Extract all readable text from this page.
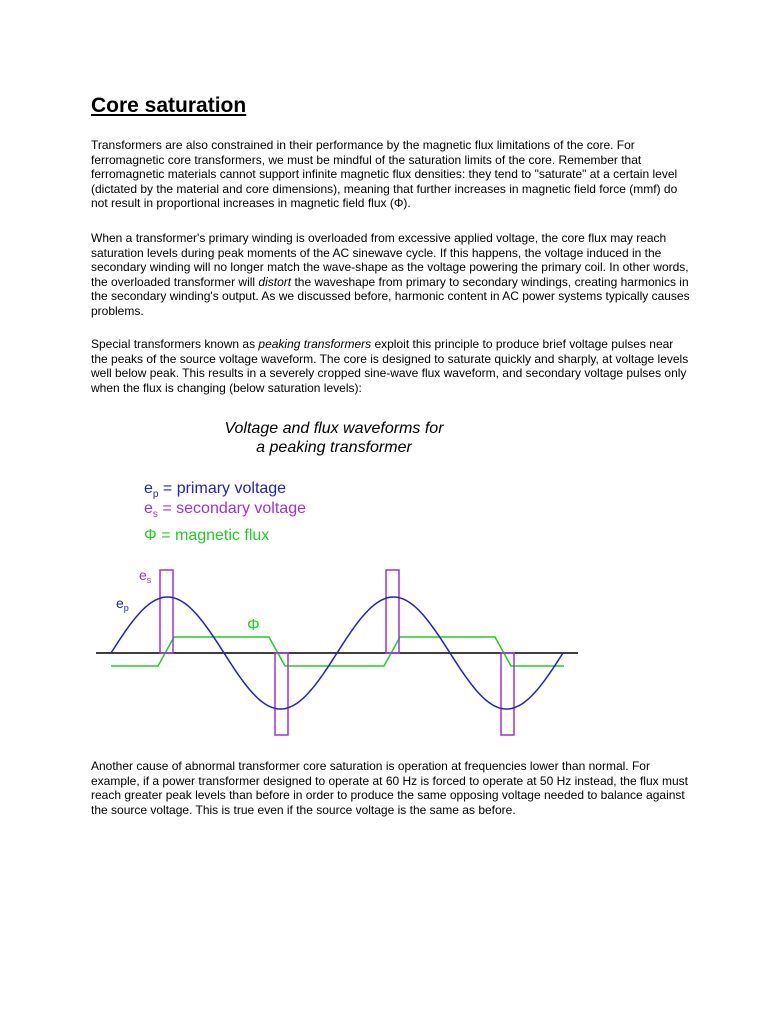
Core saturation

Transformers are also constrained in their performance by the magnetic flux limitations of the core. For ferromagnetic core transformers, we must be mindful of the saturation limits of the core. Remember that ferromagnetic materials cannot support infinite magnetic flux densities: they tend to "saturate" at a certain level (dictated by the material and core dimensions), meaning that further increases in magnetic field force (mmf) do not result in proportional increases in magnetic field flux (Φ).

When a transformer's primary winding is overloaded from excessive applied voltage, the core flux may reach saturation levels during peak moments of the AC sinewave cycle. If this happens, the voltage induced in the secondary winding will no longer match the wave-shape as the voltage powering the primary coil. In other words, the overloaded transformer will distort the waveshape from primary to secondary windings, creating harmonics in the secondary winding's output. As we discussed before, harmonic content in AC power systems typically causes problems.

Special transformers known as peaking transformers exploit this principle to produce brief voltage pulses near the peaks of the source voltage waveform. The core is designed to saturate quickly and sharply, at voltage levels well below peak. This results in a severely cropped sine-wave flux waveform, and secondary voltage pulses only when the flux is changing (below saturation levels):

Voltage and flux waveforms for
a peaking transformer
$e_p$ = primary voltage
$e_s$ = secondary voltage
Φ = magnetic flux
$e_s$
$e_p$
Φ

Another cause of abnormal transformer core saturation is operation at frequencies lower than normal. For example, if a power transformer designed to operate at 60 Hz is forced to operate at 50 Hz instead, the flux must reach greater peak levels than before in order to produce the same opposing voltage needed to balance against the source voltage. This is true even if the source voltage is the same as before.
